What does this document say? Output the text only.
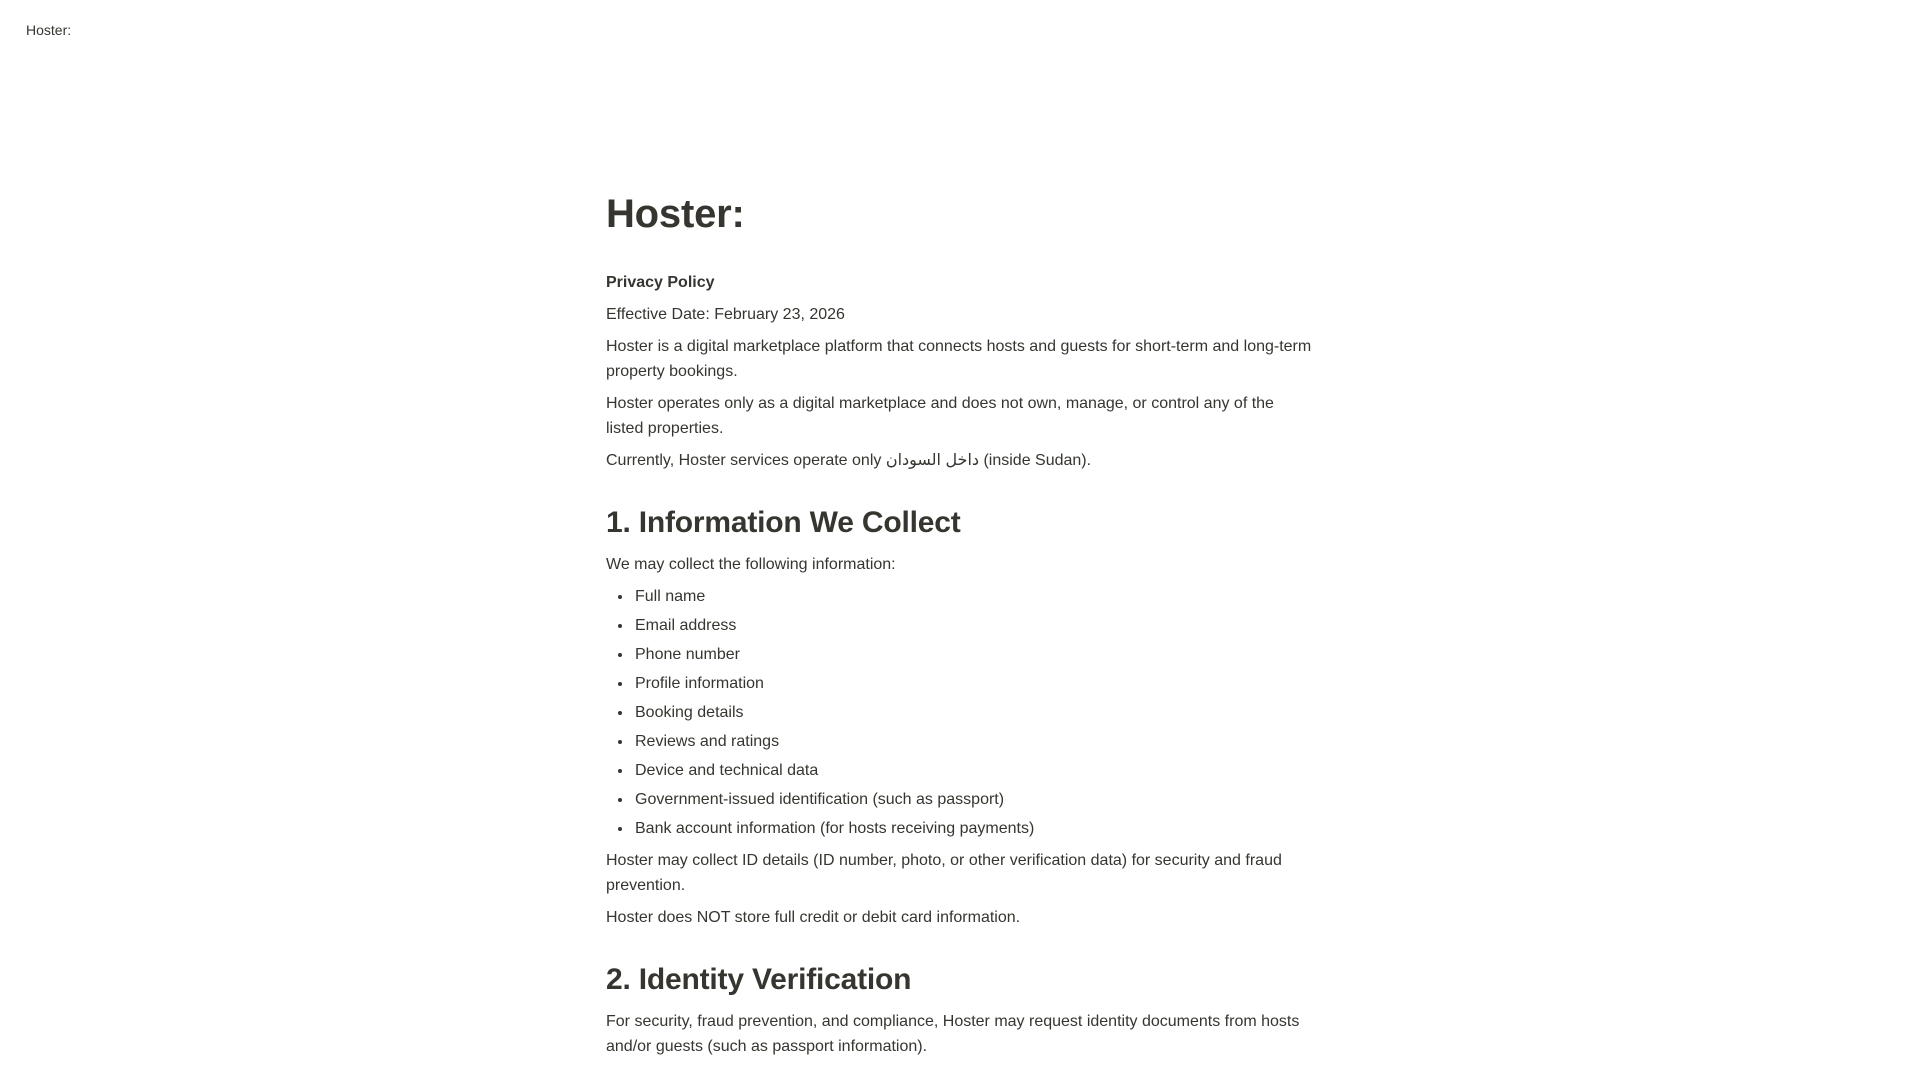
Hoster:
Hoster:

Privacy Policy

Effective Date: February 23, 2026

Hoster is a digital marketplace platform that connects hosts and guests for short-term and long-term property bookings.

Hoster operates only as a digital marketplace and does not own, manage, or control any of the listed properties.

Currently, Hoster services operate only داخل السودان (inside Sudan).

1. Information We Collect

We may collect the following information:

• Full name
• Email address
• Phone number
• Profile information
• Booking details
• Reviews and ratings
• Device and technical data
• Government-issued identification (such as passport)
• Bank account information (for hosts receiving payments)

Hoster may collect ID details (ID number, photo, or other verification data) for security and fraud prevention.

Hoster does NOT store full credit or debit card information.

2. Identity Verification

For security, fraud prevention, and compliance, Hoster may request identity documents from hosts and/or guests (such as passport information).
